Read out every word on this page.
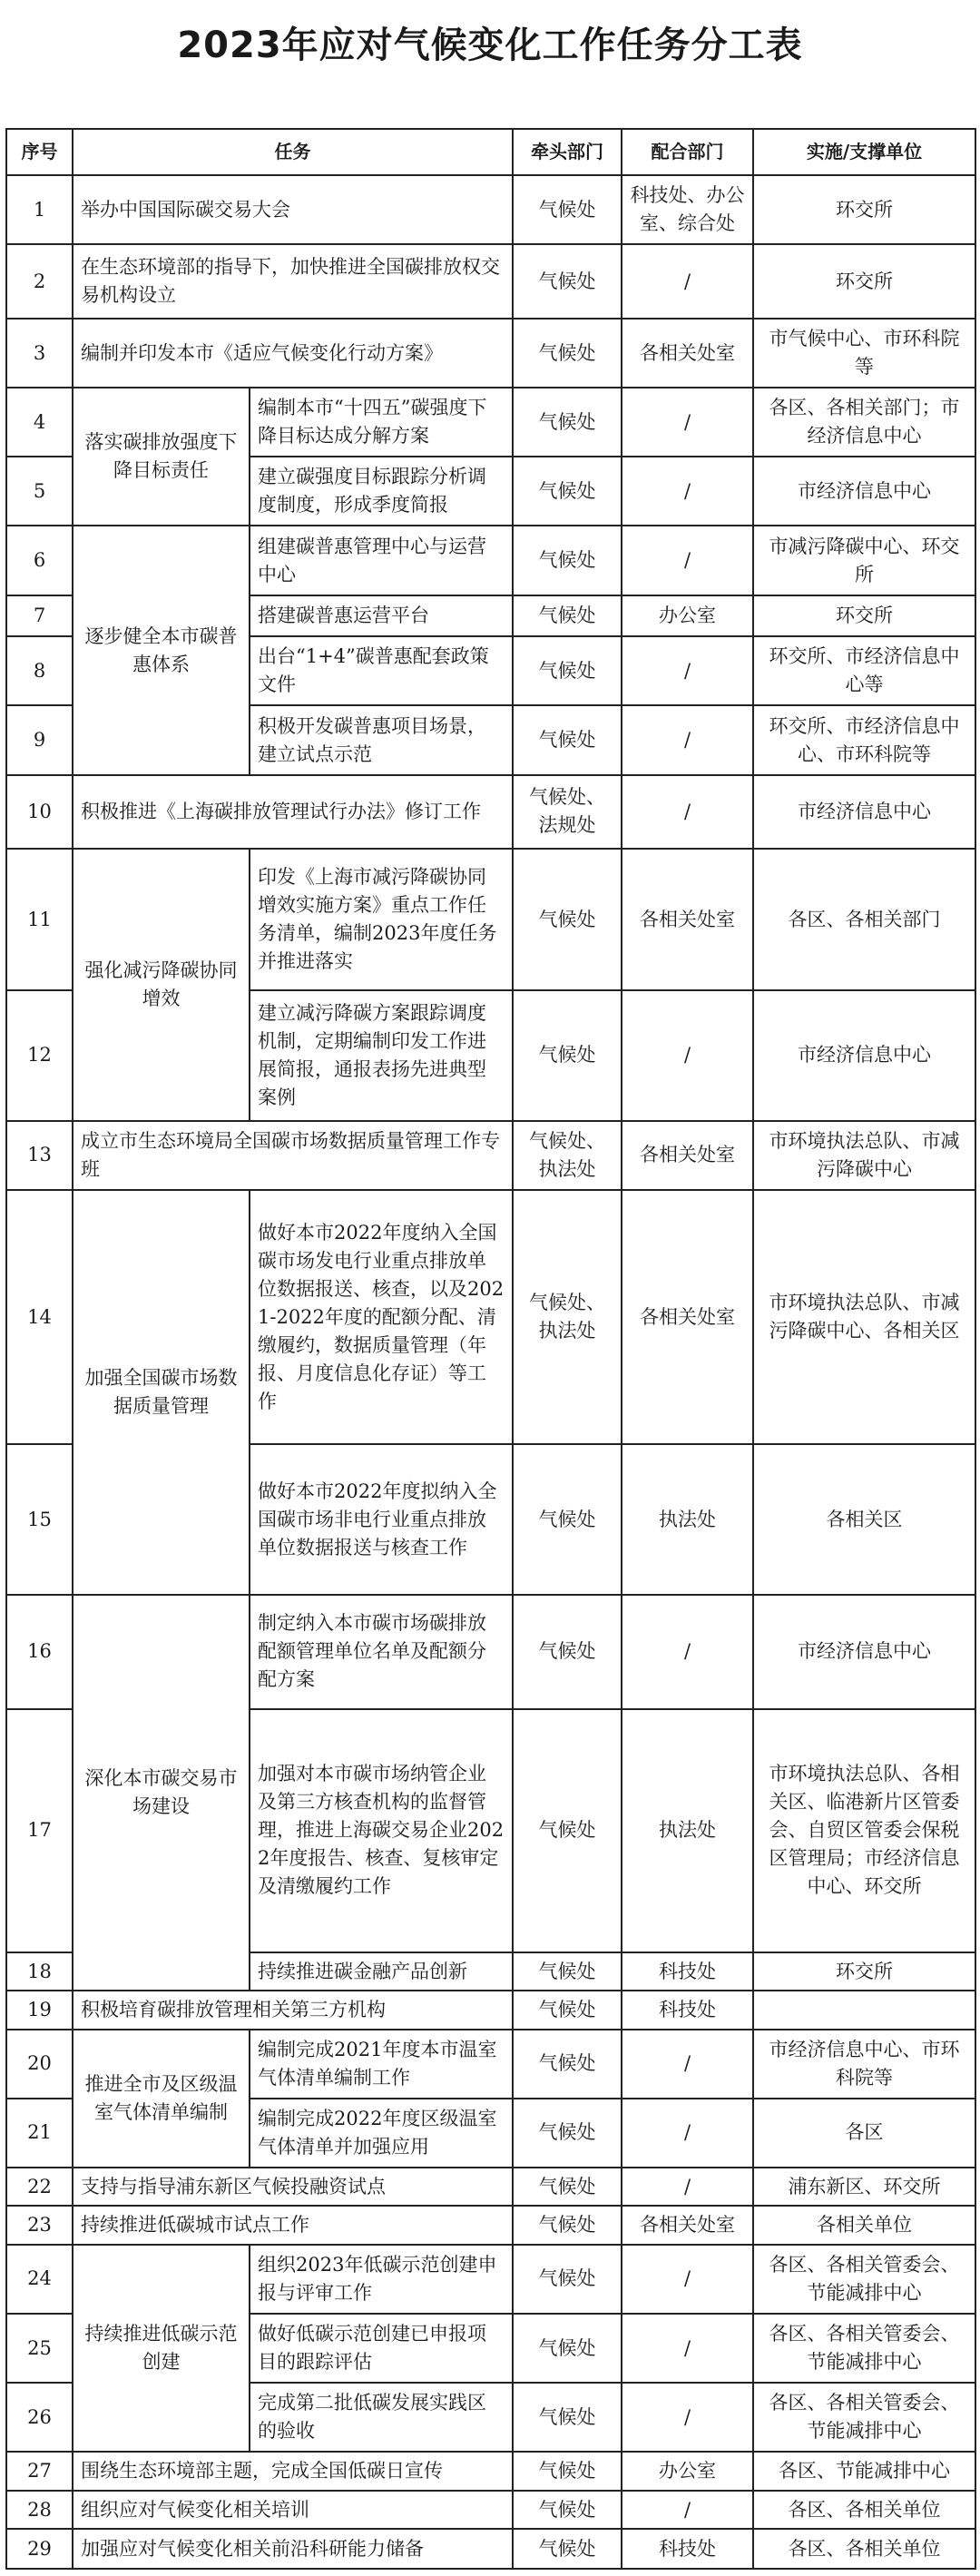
2023年应对气候变化工作任务分工表
序号	任务		牵头部门	配合部门	实施/支撑单位
1	举办中国国际碳交易大会		气候处	科技处、办公室、综合处	环交所
2	在生态环境部的指导下，加快推进全国碳排放权交易机构设立		气候处	/	环交所
3	编制并印发本市《适应气候变化行动方案》		气候处	各相关处室	市气候中心、市环科院等
4	落实碳排放强度下降目标责任	编制本市“十四五”碳强度下降目标达成分解方案	气候处	/	各区、各相关部门；市经济信息中心
5		建立碳强度目标跟踪分析调度制度，形成季度简报	气候处	/	市经济信息中心
6	逐步健全本市碳普惠体系	组建碳普惠管理中心与运营中心	气候处	/	市减污降碳中心、环交所
7		搭建碳普惠运营平台	气候处	办公室	环交所
8		出台“1+4”碳普惠配套政策文件	气候处	/	环交所、市经济信息中心等
9		积极开发碳普惠项目场景，建立试点示范	气候处	/	环交所、市经济信息中心、市环科院等
10	积极推进《上海碳排放管理试行办法》修订工作		气候处、法规处	/	市经济信息中心
11	强化减污降碳协同增效	印发《上海市减污降碳协同增效实施方案》重点工作任务清单，编制2023年度任务并推进落实	气候处	各相关处室	各区、各相关部门
12		建立减污降碳方案跟踪调度机制，定期编制印发工作进展简报，通报表扬先进典型案例	气候处	/	市经济信息中心
13	成立市生态环境局全国碳市场数据质量管理工作专班		气候处、执法处	各相关处室	市环境执法总队、市减污降碳中心
14	加强全国碳市场数据质量管理	做好本市2022年度纳入全国碳市场发电行业重点排放单位数据报送、核查，以及2021-2022年度的配额分配、清缴履约，数据质量管理（年报、月度信息化存证）等工作	气候处、执法处	各相关处室	市环境执法总队、市减污降碳中心、各相关区
15		做好本市2022年度拟纳入全国碳市场非电行业重点排放单位数据报送与核查工作	气候处	执法处	各相关区
16	深化本市碳交易市场建设	制定纳入本市碳市场碳排放配额管理单位名单及配额分配方案	气候处	/	市经济信息中心
17		加强对本市碳市场纳管企业及第三方核查机构的监督管理，推进上海碳交易企业2022年度报告、核查、复核审定及清缴履约工作	气候处	执法处	市环境执法总队、各相关区、临港新片区管委会、自贸区管委会保税区管理局；市经济信息中心、环交所
18		持续推进碳金融产品创新	气候处	科技处	环交所
19	积极培育碳排放管理相关第三方机构		气候处	科技处	
20	推进全市及区级温室气体清单编制	编制完成2021年度本市温室气体清单编制工作	气候处	/	市经济信息中心、市环科院等
21		编制完成2022年度区级温室气体清单并加强应用	气候处	/	各区
22	支持与指导浦东新区气候投融资试点		气候处	/	浦东新区、环交所
23	持续推进低碳城市试点工作		气候处	各相关处室	各相关单位
24	持续推进低碳示范创建	组织2023年低碳示范创建申报与评审工作	气候处	/	各区、各相关管委会、节能减排中心
25		做好低碳示范创建已申报项目的跟踪评估	气候处	/	各区、各相关管委会、节能减排中心
26		完成第二批低碳发展实践区的验收	气候处	/	各区、各相关管委会、节能减排中心
27	围绕生态环境部主题，完成全国低碳日宣传		气候处	办公室	各区、节能减排中心
28	组织应对气候变化相关培训		气候处	/	各区、各相关单位
29	加强应对气候变化相关前沿科研能力储备		气候处	科技处	各区、各相关单位
